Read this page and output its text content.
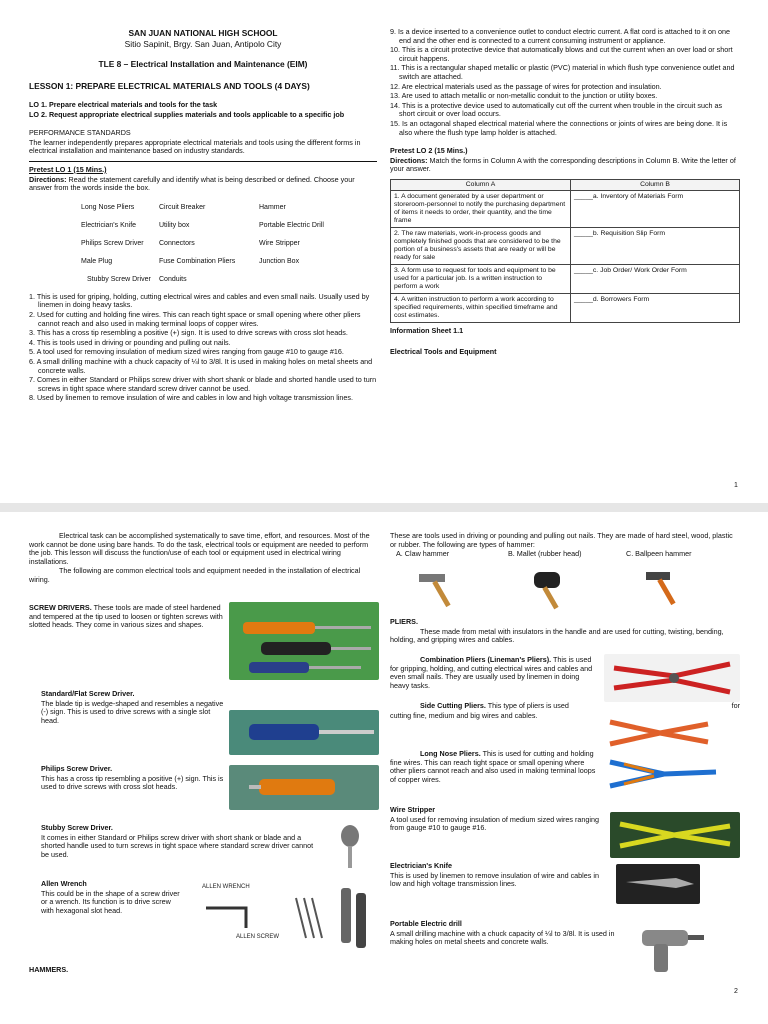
SAN JUAN NATIONAL HIGH SCHOOL

Sitio Sapinit, Brgy. San Juan, Antipolo City

TLE 8 – Electrical Installation and Maintenance (EIM)

LESSON 1: PREPARE ELECTRICAL MATERIALS AND TOOLS (4 DAYS)

LO 1. Prepare electrical materials and tools for the task

LO 2. Request appropriate electrical supplies materials and tools applicable to a specific job

PERFORMANCE STANDARDS

The learner independently prepares appropriate electrical materials and tools using the different forms in electrical installation and maintenance based on industry standards.

Pretest LO 1 (15 Mins.)

Directions: Read the statement carefully and identify what is being described or defined. Choose your answer from the words inside the box.

Long Nose Pliers	Circuit Breaker	Hammer
Electrician's Knife	Utility box	Portable Electric Drill
Philips Screw Driver	Connectors	Wire Stripper
Male Plug	Fuse Combination Pliers	Junction Box
Stubby Screw Driver	Conduits

1. This is used for griping, holding, cutting electrical wires and cables and even small nails. Usually used by linemen in doing heavy tasks.

2. Used for cutting and holding fine wires. This can reach tight space or small opening where other pliers cannot reach and also used in making terminal loops of copper wires.

3. This has a cross tip resembling a positive (+) sign. It is used to drive screws with cross slot heads.

4. This is tools used in driving or pounding and pulling out nails.

5. A tool used for removing insulation of medium sized wires ranging from gauge #10 to gauge #16.

6. A small drilling machine with a chuck capacity of ¼l to 3/8l. It is used in making holes on metal sheets and concrete walls.

7. Comes in either Standard or Philips screw driver with short shank or blade and shorted handle used to turn screws in tight space where standard screw driver cannot be used.

8. Used by linemen to remove insulation of wire and cables in low and high voltage transmission lines.

9. Is a device inserted to a convenience outlet to conduct electric current. A flat cord is attached to it on one end and the other end is connected to a current consuming instrument or appliance.

10. This is a circuit protective device that automatically blows and cut the current when an over load or short circuit happens.

11. This is a rectangular shaped metallic or plastic (PVC) material in which flush type convenience outlet and switch are attached.

12. Are electrical materials used as the passage of wires for protection and insulation.

13. Are used to attach metallic or non-metallic conduit to the junction or utility boxes.

14. This is a protective device used to automatically cut off the current when trouble in the circuit such as short circuit or over load occurs.

15. Is an octagonal shaped electrical material where the connections or joints of wires are being done. It is also where the flush type lamp holder is attached.

Pretest LO 2 (15 Mins.)

Directions: Match the forms in Column A with the corresponding descriptions in Column B. Write the letter of your answer.

Column A	Column B
1. A document generated by a user department or storeroom-personnel to notify the purchasing department of items it needs to order, their quantity, and the time frame	_____a. Inventory of Materials Form
2. The raw materials, work-in-process goods and completely finished goods that are considered to be the portion of a business's assets that are ready or will be ready for sale	_____b. Requisition Slip Form
3. A form use to request for tools and equipment to be used for a particular job. Is a written instruction to perform a work	_____c. Job Order/ Work Order Form
4. A written instruction to perform a work according to specified requirements, within specified timeframe and cost estimates.	_____d. Borrowers Form

Information Sheet 1.1

Electrical Tools and Equipment

1

Electrical task can be accomplished systematically to save time, effort, and resources. Most of the work cannot be done using bare hands. To do the task, electrical tools or equipment are needed to perform the job. This lesson will discuss the function/use of each tool or equipment used in electrical wiring installations.

The following are common electrical tools and equipment needed in the installation of electrical wiring.

SCREW DRIVERS. These tools are made of steel hardened and tempered at the tip used to loosen or tighten screws with slotted heads. They come in various sizes and shapes.

Standard/Flat Screw Driver.

The blade tip is wedge-shaped and resembles a negative (-) sign. This is used to drive screws with a single slot head.

Philips Screw Driver.

This has a cross tip resembling a positive (+) sign. This is used to drive screws with cross slot heads.

Stubby Screw Driver.

It comes in either Standard or Philips screw driver with short shank or blade and a shorted handle used to turn screws in tight space where standard screw driver cannot be used.

Allen Wrench

This could be in the shape of a screw driver or a wrench. Its function is to drive screw with hexagonal slot head.

ALLEN WRENCH
ALLEN SCREW

HAMMERS.

These are tools used in driving or pounding and pulling out nails. They are made of hard steel, wood, plastic or rubber. The following are types of hammer:

A. Claw hammer	B. Mallet (rubber head)	C. Ballpeen hammer

PLIERS.

These made from metal with insulators in the handle and are used for cutting, twisting, bending, holding, and gripping wires and cables.

Combination Pliers (Lineman's Pliers). This is used for gripping, holding, and cutting electrical wires and cables and even small nails. They are usually used by linemen in doing heavy tasks.

Side Cutting Pliers. This type of pliers is used	for

cutting fine, medium and big wires and cables.

Long Nose Pliers. This is used for cutting and holding fine wires. This can reach tight space or small opening where other pliers cannot reach and also used in making terminal loops of copper wires.

Wire Stripper

A tool used for removing insulation of medium sized wires ranging from gauge #10 to gauge #16.

Electrician's Knife

This is used by linemen to remove insulation of wire and cables in low and high voltage transmission lines.

Portable Electric drill

A small drilling machine with a chuck capacity of ¼l to 3/8l. It is used in making holes on metal sheets and concrete walls.

2
